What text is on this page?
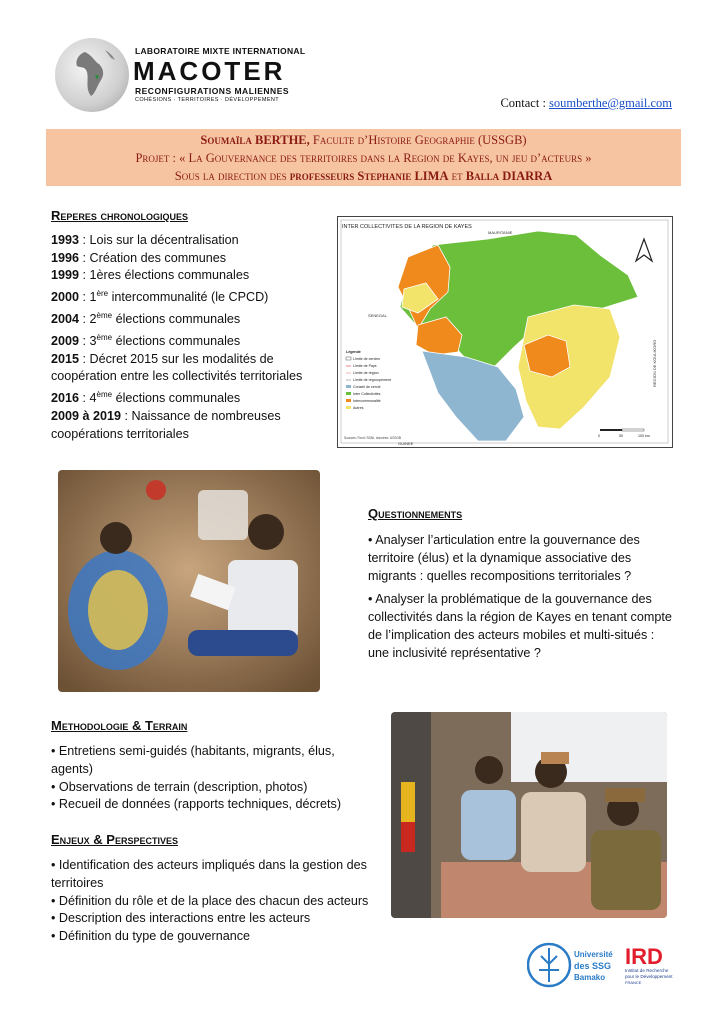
LABORATOIRE MIXTE INTERNATIONAL
MACOTER
RECONFIGURATIONS MALIENNES
COHÉSIONS · TERRITOIRES · DÉVELOPPEMENT	Contact : soumberthe@gmail.com
Soumaïla BERTHE, Faculte d’Histoire Geographie (USSGB)
Projet : « La Gouvernance des territoires dans la Region de Kayes, un jeu d’acteurs »
Sous la direction des professeurs Stephanie LIMA et Balla DIARRA
Reperes chronologiques
1993 : Lois sur la décentralisation
1996 : Création des communes
1999 : 1ères élections communales
2000 : 1ère intercommunalité (le CPCD)
2004 : 2ème élections communales
2009 : 3ème élections communales
2015 : Décret 2015 sur les modalités de coopération entre les collectivités territoriales
2016 : 4ème élections communales
2009 à 2019 : Naissance de nombreuses coopérations territoriales
INTER COLLECTIVITES DE LA REGION DE KAYES
MAURITANIE
SENEGAL
GUINEE
REGION DE KOULIKORO
Légende
Limite de cercles
Limite de Pays
Limite de région
Limite de regroupement
Conseil de cercle
Inter Collectivités
Intercommunalité
Autres
0	50	100 km
Sources: Fond: SDNI, données: USSGB
Questionnements

• Analyser l’articulation entre la gouvernance des territoire (élus) et la dynamique associative des migrants : quelles recompositions territoriales ?

• Analyser la problématique de la gouvernance des collectivités dans la région de Kayes en tenant compte de l’implication des acteurs mobiles et multi-situés : une inclusivité représentative ?

Methodologie & Terrain
• Entretiens semi-guidés (habitants, migrants, élus, agents)
• Observations de terrain (description, photos)
• Recueil de données (rapports techniques, décrets)
Enjeux & Perspectives
• Identification des acteurs impliqués dans la gestion des territoires
• Définition du rôle et de la place des chacun des acteurs
• Description des interactions entre les acteurs
• Définition du type de gouvernance
Université
des SSG
Bamako
IRD
Institut de Recherche
pour le Développement
FRANCE
